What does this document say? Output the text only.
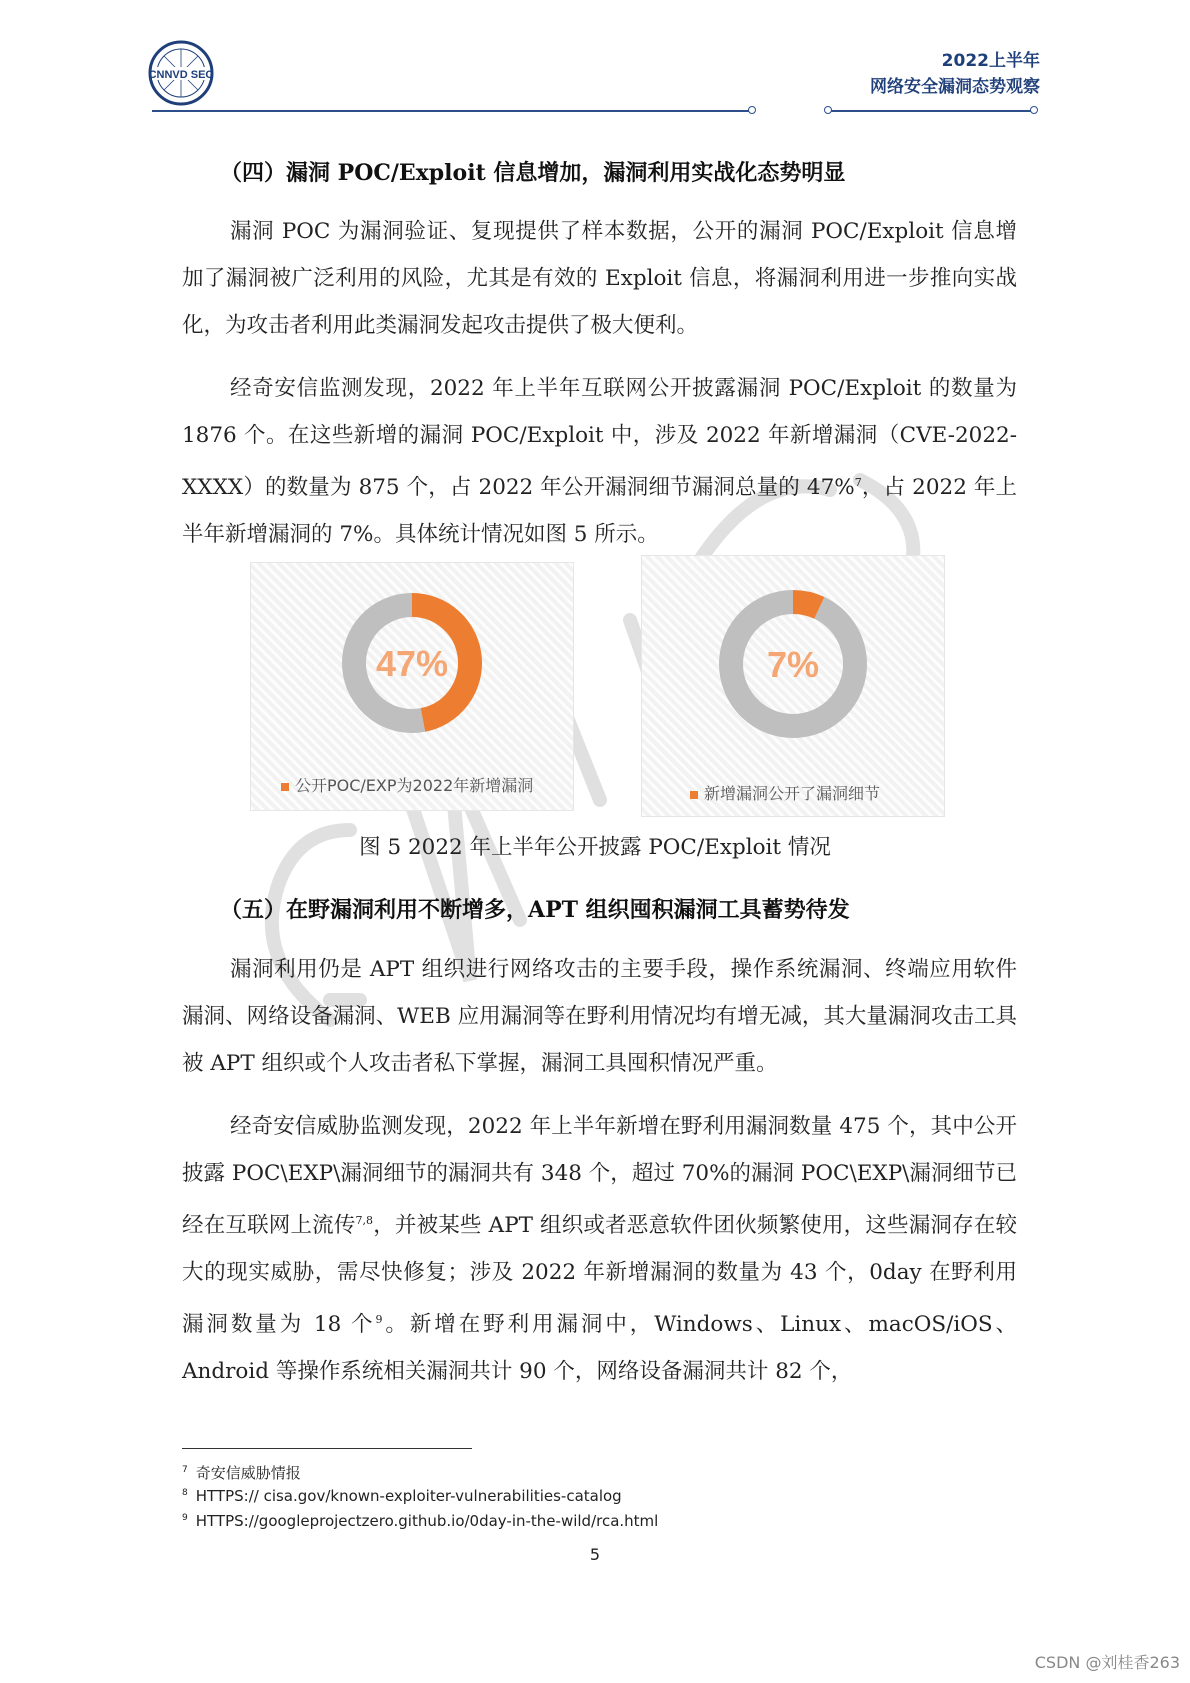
CNNVD SEC
2022上半年
网络安全漏洞态势观察
（四）漏洞 POC/Exploit 信息增加，漏洞利用实战化态势明显

漏洞 POC 为漏洞验证、复现提供了样本数据，公开的漏洞 POC/Exploit 信息增加了漏洞被广泛利用的风险，尤其是有效的 Exploit 信息，将漏洞利用进一步推向实战化，为攻击者利用此类漏洞发起攻击提供了极大便利。

经奇安信监测发现，2022 年上半年互联网公开披露漏洞 POC/Exploit 的数量为 1876 个。在这些新增的漏洞 POC/Exploit 中，涉及 2022 年新增漏洞（CVE-2022-XXXX）的数量为 875 个，占 2022 年公开漏洞细节漏洞总量的 47%$^7$，占 2022 年上半年新增漏洞的 7%。具体统计情况如图 5 所示。

47%
公开POC/EXP为2022年新增漏洞
7%
新增漏洞公开了漏洞细节
图 5 2022 年上半年公开披露 POC/Exploit 情况
（五）在野漏洞利用不断增多，APT 组织囤积漏洞工具蓄势待发

漏洞利用仍是 APT 组织进行网络攻击的主要手段，操作系统漏洞、终端应用软件漏洞、网络设备漏洞、WEB 应用漏洞等在野利用情况均有增无减，其大量漏洞攻击工具被 APT 组织或个人攻击者私下掌握，漏洞工具囤积情况严重。

经奇安信威胁监测发现，2022 年上半年新增在野利用漏洞数量 475 个，其中公开披露 POC\EXP\漏洞细节的漏洞共有 348 个，超过 70%的漏洞 POC\EXP\漏洞细节已经在互联网上流传$^{7,8}$，并被某些 APT 组织或者恶意软件团伙频繁使用，这些漏洞存在较大的现实威胁，需尽快修复；涉及 2022 年新增漏洞的数量为 43 个，0day 在野利用漏洞数量为 18 个$^9$。新增在野利用漏洞中，Windows、Linux、macOS/iOS、Android 等操作系统相关漏洞共计 90 个，网络设备漏洞共计 82 个，

$^7$ 奇安信威胁情报
$^8$ HTTPS:// cisa.gov/known-exploiter-vulnerabilities-catalog
$^9$ HTTPS://googleprojectzero.github.io/0day-in-the-wild/rca.html
5
CSDN @刘桂香263
